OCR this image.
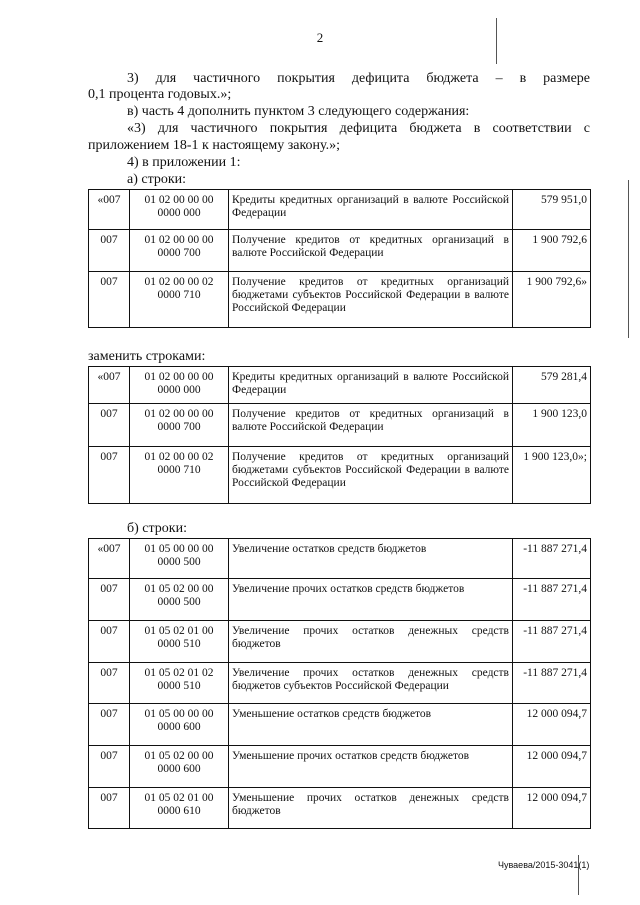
2

3) для частичного покрытия дефицита бюджета – в размере

0,1 процента годовых.»;

в) часть 4 дополнить пунктом 3 следующего содержания:

«3) для частичного покрытия дефицита бюджета в соответствии с

приложением 18-1 к настоящему закону.»;

4) в приложении 1:

а) строки:

«007	01 02 00 00 00 0000 000	Кредиты кредитных организаций в валюте Российской Федерации	579 951,0
007	01 02 00 00 00 0000 700	Получение кредитов от кредитных организаций в валюте Российской Федерации	1 900 792,6
007	01 02 00 00 02 0000 710	Получение кредитов от кредитных организаций бюджетами субъектов Российской Федерации в валюте Российской Федерации	1 900 792,6»

заменить строками:

«007	01 02 00 00 00 0000 000	Кредиты кредитных организаций в валюте Российской Федерации	579 281,4
007	01 02 00 00 00 0000 700	Получение кредитов от кредитных организаций в валюте Российской Федерации	1 900 123,0
007	01 02 00 00 02 0000 710	Получение кредитов от кредитных организаций бюджетами субъектов Российской Федерации в валюте Российской Федерации	1 900 123,0»;

б) строки:

«007	01 05 00 00 00 0000 500	Увеличение остатков средств бюджетов	-11 887 271,4
007	01 05 02 00 00 0000 500	Увеличение прочих остатков средств бюджетов	-11 887 271,4
007	01 05 02 01 00 0000 510	Увеличение прочих остатков денежных средств бюджетов	-11 887 271,4
007	01 05 02 01 02 0000 510	Увеличение прочих остатков денежных средств бюджетов субъектов Российской Федерации	-11 887 271,4
007	01 05 00 00 00 0000 600	Уменьшение остатков средств бюджетов	12 000 094,7
007	01 05 02 00 00 0000 600	Уменьшение прочих остатков средств бюджетов	12 000 094,7
007	01 05 02 01 00 0000 610	Уменьшение прочих остатков денежных средств бюджетов	12 000 094,7
Чуваева/2015-3041(1)
